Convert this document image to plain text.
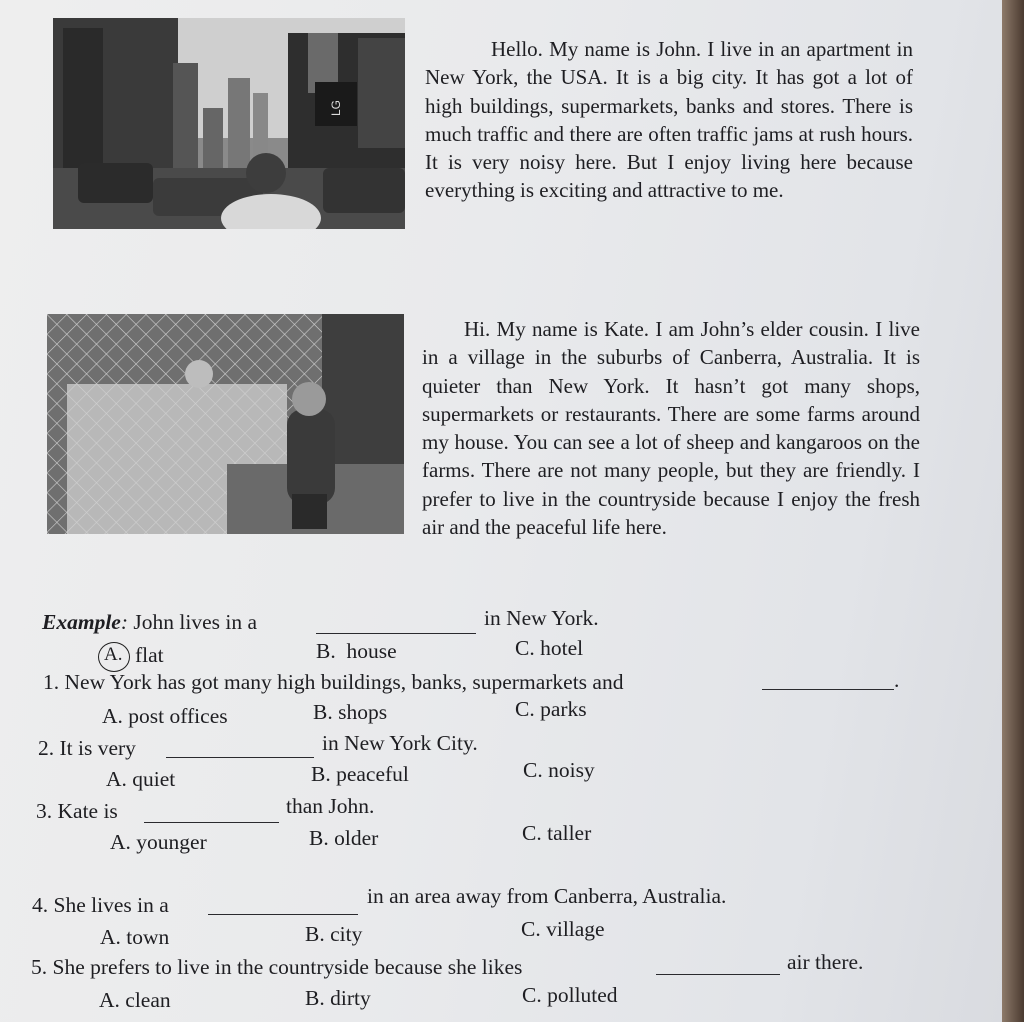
LG

Hello. My name is John. I live in an apartment in New York, the USA. It is a big city. It has got a lot of high buildings, supermarkets, banks and stores. There is much traffic and there are often traffic jams at rush hours. It is very noisy here. But I enjoy living here because everything is exciting and attractive to me.

Hi. My name is Kate. I am John’s elder cousin. I live in a village in the suburbs of Canberra, Australia. It is quieter than New York. It hasn’t got many shops, supermarkets or restaurants. There are some farms around my house. You can see a lot of sheep and kangaroos on the farms. There are not many people, but they are friendly. I prefer to live in the countryside because I enjoy the fresh air and the peaceful life here.

Example: John lives in a	in New York.
A. flat	B.  house	C. hotel
1. New York has got many high buildings, banks, supermarkets and	.
A. post offices	B. shops	C. parks
2. It is very	in New York City.
A. quiet	B. peaceful	C. noisy
3. Kate is	than John.
A. younger	B. older	C. taller
4. She lives in a	in an area away from Canberra, Australia.
A. town	B. city	C. village
5. She prefers to live in the countryside because she likes	air there.
A. clean	B. dirty	C. polluted
